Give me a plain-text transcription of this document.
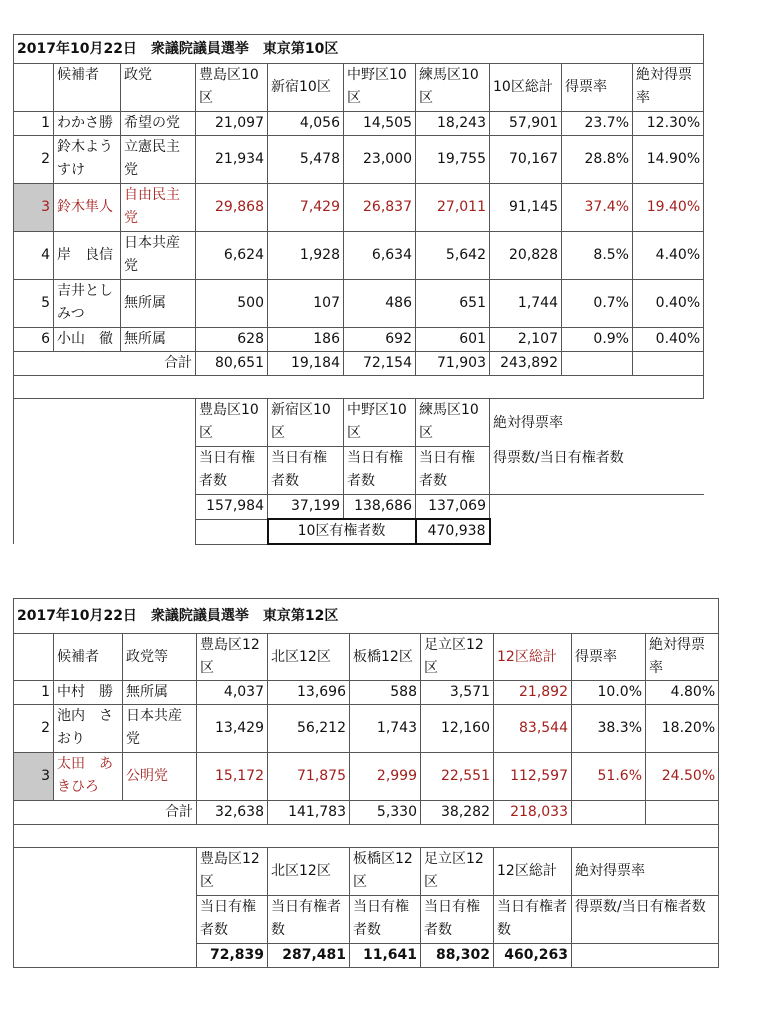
2017年10月22日　衆議院議員選挙　東京第10区									
	候補者	政党	豊島区10区	新宿10区	中野区10区	練馬区10区	10区総計	得票率	絶対得票率
1	わかさ勝	希望の党	21,097	4,056	14,505	18,243	57,901	23.7%	12.30%
2	鈴木ようすけ	立憲民主党	21,934	5,478	23,000	19,755	70,167	28.8%	14.90%
3	鈴木隼人	自由民主党	29,868	7,429	26,837	27,011	91,145	37.4%	19.40%
4	岸　良信	日本共産党	6,624	1,928	6,634	5,642	20,828	8.5%	4.40%
5	吉井としみつ	無所属	500	107	486	651	1,744	0.7%	0.40%
6	小山　徹	無所属	628	186	692	601	2,107	0.9%	0.40%
合計			80,651	19,184	72,154	71,903	243,892		

			豊島区10区	新宿区10区	中野区10区	練馬区10区	絶対得票率
得票数/当日有権者数		

			当日有権者数	当日有権者数	当日有権者数	当日有権者数			
			157,984	37,199	138,686	137,069			
				10区有権者数		470,938			
2017年10月22日　衆議院議員選挙　東京第12区									
	候補者	政党等	豊島区12区	北区12区	板橋12区	足立区12区	12区総計	得票率	絶対得票率
1	中村　勝	無所属	4,037	13,696	588	3,571	21,892	10.0%	4.80%
2	池内　さおり	日本共産党	13,429	56,212	1,743	12,160	83,544	38.3%	18.20%
3	太田　あきひろ	公明党	15,172	71,875	2,999	22,551	112,597	51.6%	24.50%
合計			32,638	141,783	5,330	38,282	218,033		

			豊島区12区	北区12区	板橋区12区	足立区12区	12区総計	絶対得票率	
			当日有権者数	当日有権者数	当日有権者数	当日有権者数	当日有権者数	得票数/当日有権者数	
			72,839	287,481	11,641	88,302	460,263		
